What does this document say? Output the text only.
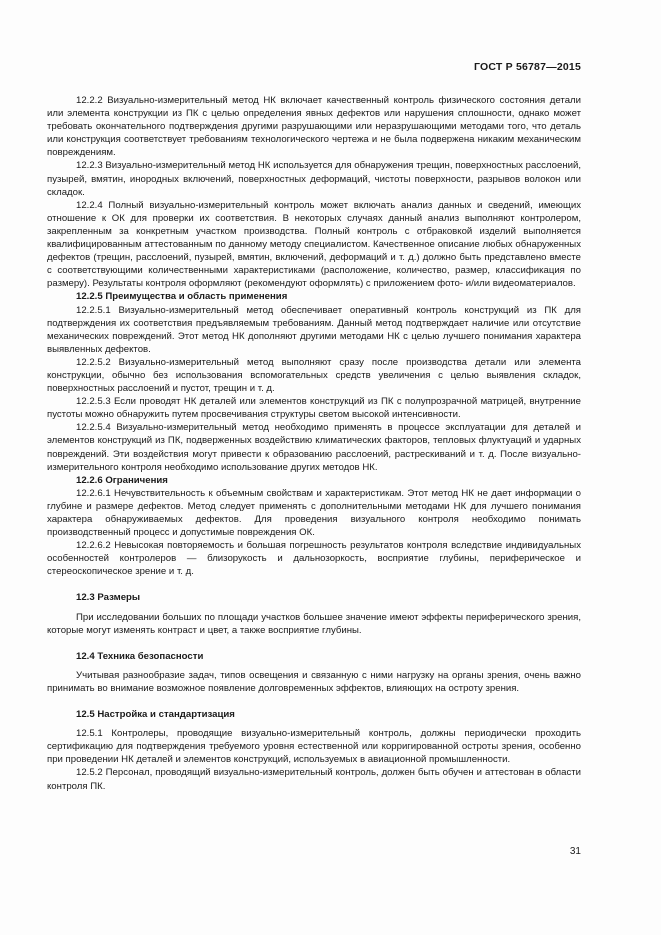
ГОСТ Р 56787—2015

12.2.2 Визуально-измерительный метод НК включает качественный контроль физического состояния детали или элемента конструкции из ПК с целью определения явных дефектов или нарушения сплошности, однако может требовать окончательного подтверждения другими разрушающими или неразрушающими методами того, что деталь или конструкция соответствует требованиям технологического чертежа и не была подвержена никаким механическим повреждениям.

12.2.3 Визуально-измерительный метод НК используется для обнаружения трещин, поверхностных расслоений, пузырей, вмятин, инородных включений, поверхностных деформаций, чистоты поверхности, разрывов волокон или складок.

12.2.4 Полный визуально-измерительный контроль может включать анализ данных и сведений, имеющих отношение к ОК для проверки их соответствия. В некоторых случаях данный анализ выполняют контролером, закрепленным за конкретным участком производства. Полный контроль с отбраковкой изделий выполняется квалифицированным аттестованным по данному методу специалистом. Качественное описание любых обнаруженных дефектов (трещин, расслоений, пузырей, вмятин, включений, деформаций и т. д.) должно быть представлено вместе с соответствующими количественными характеристиками (расположение, количество, размер, классификация по размеру). Результаты контроля оформляют (рекомендуют оформлять) с приложением фото- и/или видеоматериалов.

12.2.5 Преимущества и область применения

12.2.5.1 Визуально-измерительный метод обеспечивает оперативный контроль конструкций из ПК для подтверждения их соответствия предъявляемым требованиям. Данный метод подтверждает наличие или отсутствие механических повреждений. Этот метод НК дополняют другими методами НК с целью лучшего понимания характера выявленных дефектов.

12.2.5.2 Визуально-измерительный метод выполняют сразу после производства детали или элемента конструкции, обычно без использования вспомогательных средств увеличения с целью выявления складок, поверхностных расслоений и пустот, трещин и т. д.

12.2.5.3 Если проводят НК деталей или элементов конструкций из ПК с полупрозрачной матрицей, внутренние пустоты можно обнаружить путем просвечивания структуры светом высокой интенсивности.

12.2.5.4 Визуально-измерительный метод необходимо применять в процессе эксплуатации для деталей и элементов конструкций из ПК, подверженных воздействию климатических факторов, тепловых флуктуаций и ударных повреждений. Эти воздействия могут привести к образованию расслоений, растрескиваний и т. д. После визуально-измерительного контроля необходимо использование других методов НК.

12.2.6 Ограничения

12.2.6.1 Нечувствительность к объемным свойствам и характеристикам. Этот метод НК не дает информации о глубине и размере дефектов. Метод следует применять с дополнительными методами НК для лучшего понимания характера обнаруживаемых дефектов. Для проведения визуального контроля необходимо понимать производственный процесс и допустимые повреждения ОК.

12.2.6.2 Невысокая повторяемость и большая погрешность результатов контроля вследствие индивидуальных особенностей контролеров — близорукость и дальнозоркость, восприятие глубины, периферическое и стереоскопическое зрение и т. д.

12.3 Размеры

При исследовании больших по площади участков большее значение имеют эффекты периферического зрения, которые могут изменять контраст и цвет, а также восприятие глубины.

12.4 Техника безопасности

Учитывая разнообразие задач, типов освещения и связанную с ними нагрузку на органы зрения, очень важно принимать во внимание возможное появление долговременных эффектов, влияющих на остроту зрения.

12.5 Настройка и стандартизация

12.5.1 Контролеры, проводящие визуально-измерительный контроль, должны периодически проходить сертификацию для подтверждения требуемого уровня естественной или корригированной остроты зрения, особенно при проведении НК деталей и элементов конструкций, используемых в авиационной промышленности.

12.5.2 Персонал, проводящий визуально-измерительный контроль, должен быть обучен и аттестован в области контроля ПК.

31
